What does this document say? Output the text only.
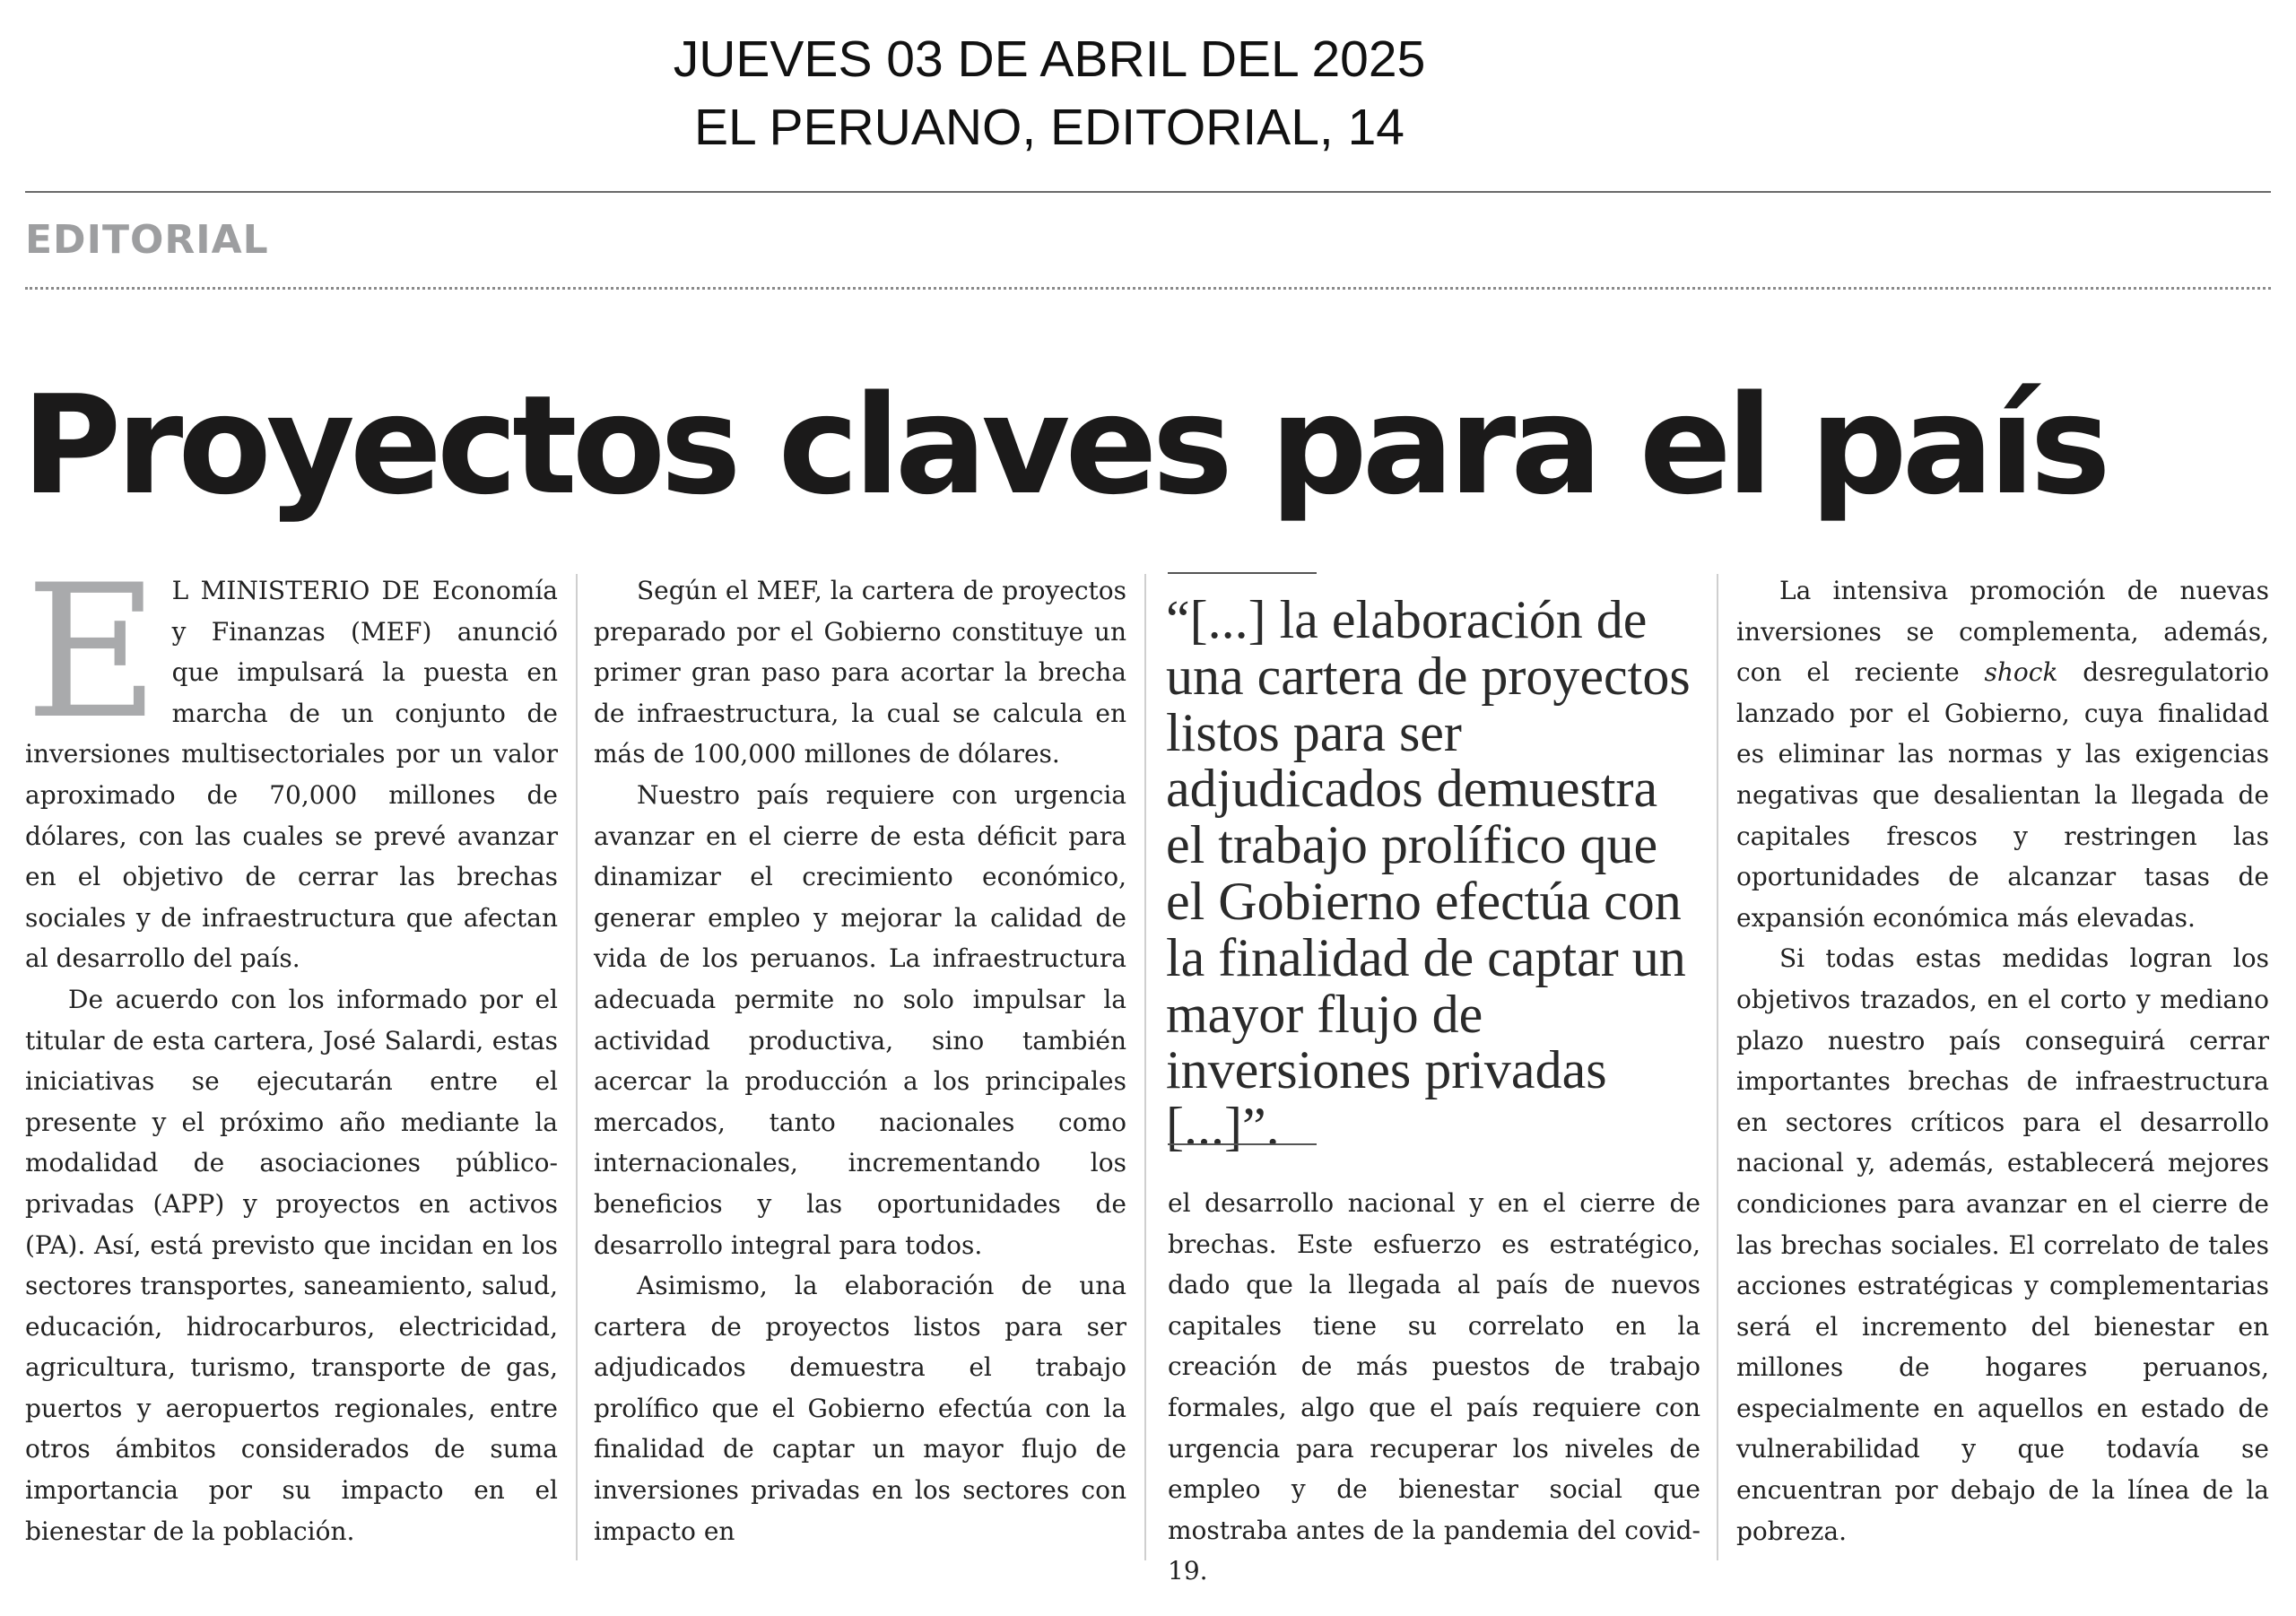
JUEVES 03 DE ABRIL DEL 2025
EL PERUANO, EDITORIAL, 14
EDITORIAL
Proyectos claves para el país

E L MINISTERIO DE Economía y Finanzas (MEF) anunció que impulsará la puesta en marcha de un conjunto de inversiones multisectoriales por un valor aproximado de 70,000 millones de dólares, con las cuales se prevé avanzar en el objetivo de cerrar las brechas sociales y de infraestructura que afectan al desarrollo del país.

De acuerdo con los informado por el titular de esta cartera, José Salardi, estas iniciativas se ejecutarán entre el presente y el próximo año mediante la modalidad de asociaciones público-privadas (APP) y proyectos en activos (PA). Así, está previsto que incidan en los sectores transportes, saneamiento, salud, educación, hidrocarburos, electricidad, agricultura, turismo, transporte de gas, puertos y aeropuertos regionales, entre otros ámbitos considerados de suma importancia por su impacto en el bienestar de la población.

Según el MEF, la cartera de proyectos preparado por el Gobierno constituye un primer gran paso para acortar la brecha de infraestructura, la cual se calcula en más de 100,000 millones de dólares.

Nuestro país requiere con urgencia avanzar en el cierre de esta déficit para dinamizar el crecimiento económico, generar empleo y mejorar la calidad de vida de los peruanos. La infraestructura adecuada permite no solo impulsar la actividad productiva, sino también acercar la producción a los principales mercados, tanto nacionales como internacionales, incrementando los beneficios y las oportunidades de desarrollo integral para todos.

Asimismo, la elaboración de una cartera de proyectos listos para ser adjudicados demuestra el trabajo prolífico que el Gobierno efectúa con la finalidad de captar un mayor flujo de inversiones privadas en los sectores con impacto en

“[...] la elaboración de una cartera de proyectos listos para ser adjudicados demuestra el trabajo prolífico que el Gobierno efectúa con la finalidad de captar un mayor flujo de inversiones privadas [...]”.

el desarrollo nacional y en el cierre de brechas. Este esfuerzo es estratégico, dado que la llegada al país de nuevos capitales tiene su correlato en la creación de más puestos de trabajo formales, algo que el país requiere con urgencia para recuperar los niveles de empleo y de bienestar social que mostraba antes de la pandemia del covid-19.

La intensiva promoción de nuevas inversiones se complementa, además, con el reciente shock desregulatorio lanzado por el Gobierno, cuya finalidad es eliminar las normas y las exigencias negativas que desalientan la llegada de capitales frescos y restringen las oportunidades de alcanzar tasas de expansión económica más elevadas.

Si todas estas medidas logran los objetivos trazados, en el corto y mediano plazo nuestro país conseguirá cerrar importantes brechas de infraestructura en sectores críticos para el desarrollo nacional y, además, establecerá mejores condiciones para avanzar en el cierre de las brechas sociales. El correlato de tales acciones estratégicas y complementarias será el incremento del bienestar en millones de hogares peruanos, especialmente en aquellos en estado de vulnerabilidad y que todavía se encuentran por debajo de la línea de la pobreza.
